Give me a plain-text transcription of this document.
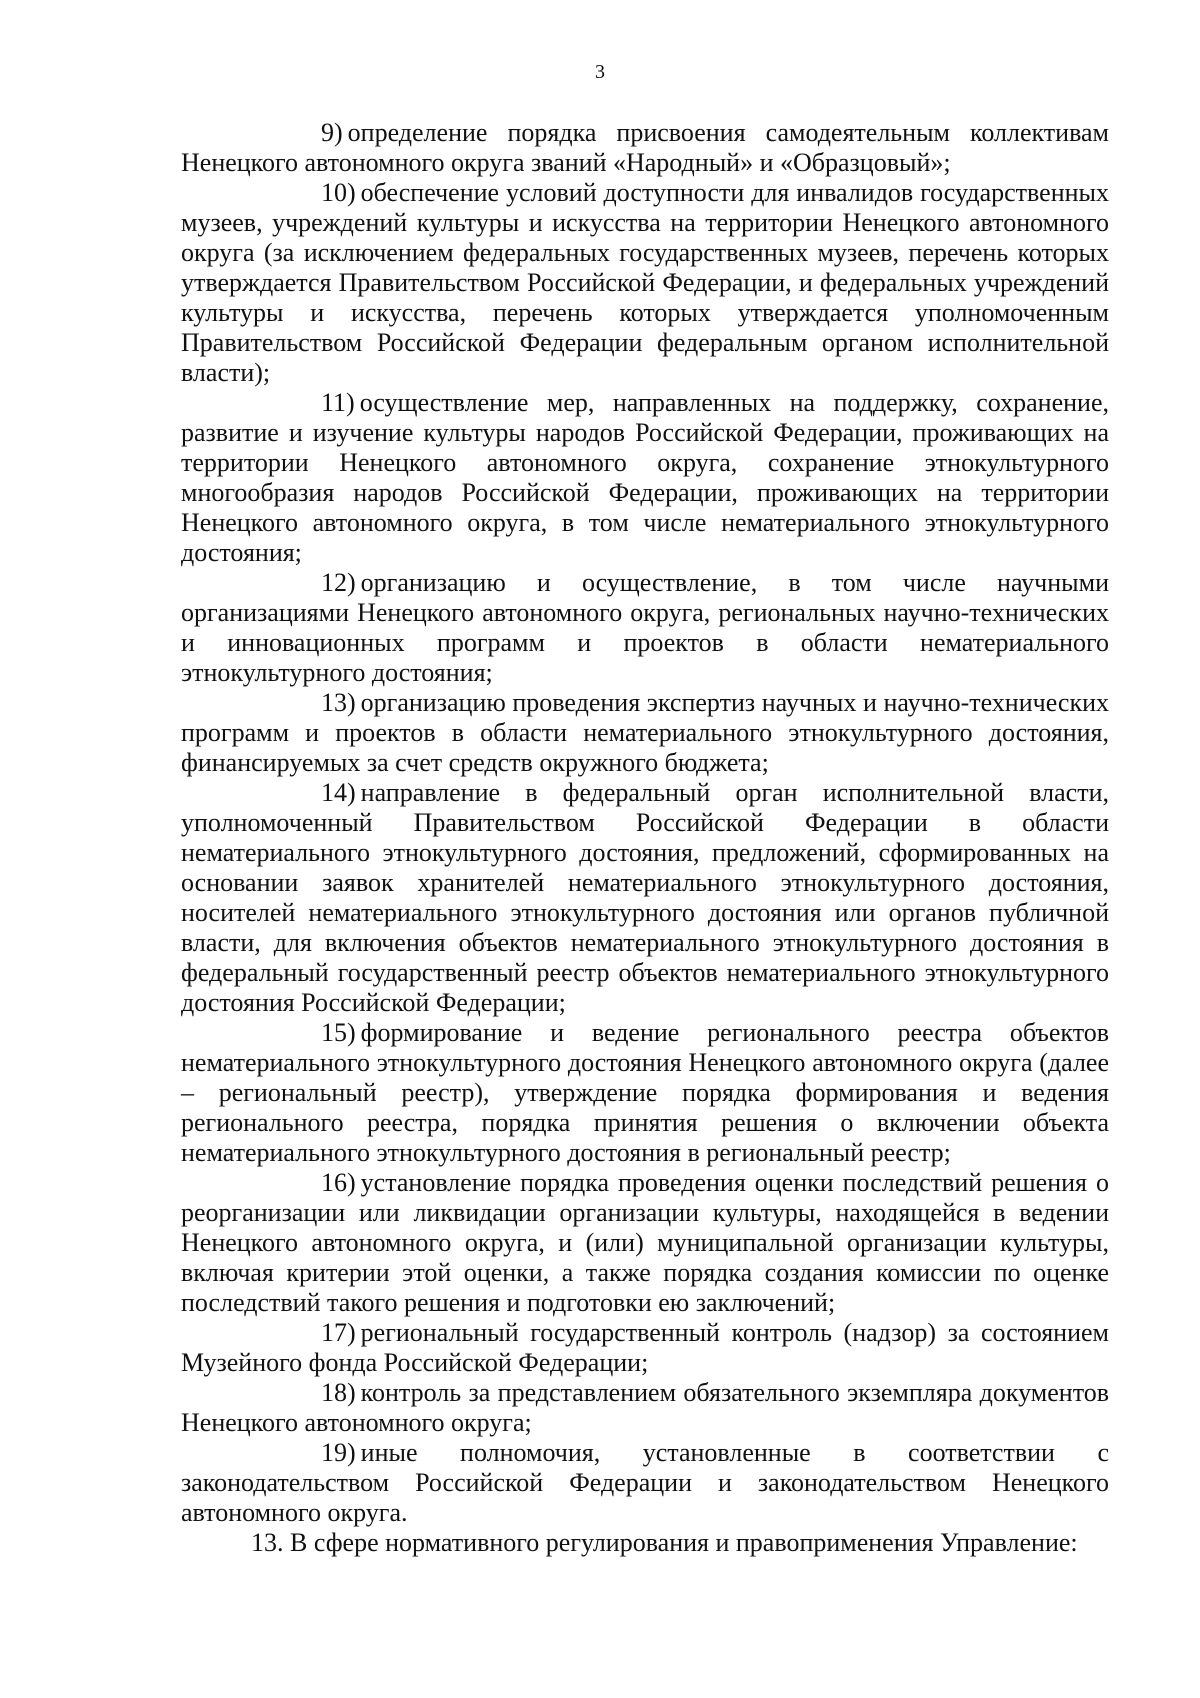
3

9) определение порядка присвоения самодеятельным коллективам Ненецкого автономного округа званий «Народный» и «Образцовый»;

10) обеспечение условий доступности для инвалидов государственных музеев, учреждений культуры и искусства на территории Ненецкого автономного округа (за исключением федеральных государственных музеев, перечень которых утверждается Правительством Российской Федерации, и федеральных учреждений культуры и искусства, перечень которых утверждается уполномоченным Правительством Российской Федерации федеральным органом исполнительной власти);

11) осуществление мер, направленных на поддержку, сохранение, развитие и изучение культуры народов Российской Федерации, проживающих на территории Ненецкого автономного округа, сохранение этнокультурного многообразия народов Российской Федерации, проживающих на территории Ненецкого автономного округа, в том числе нематериального этнокультурного достояния;

12) организацию и осуществление, в том числе научными организациями Ненецкого автономного округа, региональных научно-технических и инновационных программ и проектов в области нематериального этнокультурного достояния;

13) организацию проведения экспертиз научных и научно-технических программ и проектов в области нематериального этнокультурного достояния, финансируемых за счет средств окружного бюджета;

14) направление в федеральный орган исполнительной власти, уполномоченный Правительством Российской Федерации в области нематериального этнокультурного достояния, предложений, сформированных на основании заявок хранителей нематериального этнокультурного достояния, носителей нематериального этнокультурного достояния или органов публичной власти, для включения объектов нематериального этнокультурного достояния в федеральный государственный реестр объектов нематериального этнокультурного достояния Российской Федерации;

15) формирование и ведение регионального реестра объектов нематериального этнокультурного достояния Ненецкого автономного округа (далее – региональный реестр), утверждение порядка формирования и ведения регионального реестра, порядка принятия решения о включении объекта нематериального этнокультурного достояния в региональный реестр;

16) установление порядка проведения оценки последствий решения о реорганизации или ликвидации организации культуры, находящейся в ведении Ненецкого автономного округа, и (или) муниципальной организации культуры, включая критерии этой оценки, а также порядка создания комиссии по оценке последствий такого решения и подготовки ею заключений;

17) региональный государственный контроль (надзор) за состоянием Музейного фонда Российской Федерации;

18) контроль за представлением обязательного экземпляра документов Ненецкого автономного округа;

19) иные полномочия, установленные в соответствии с законодательством Российской Федерации и законодательством Ненецкого автономного округа.

13. В сфере нормативного регулирования и правоприменения Управление:
